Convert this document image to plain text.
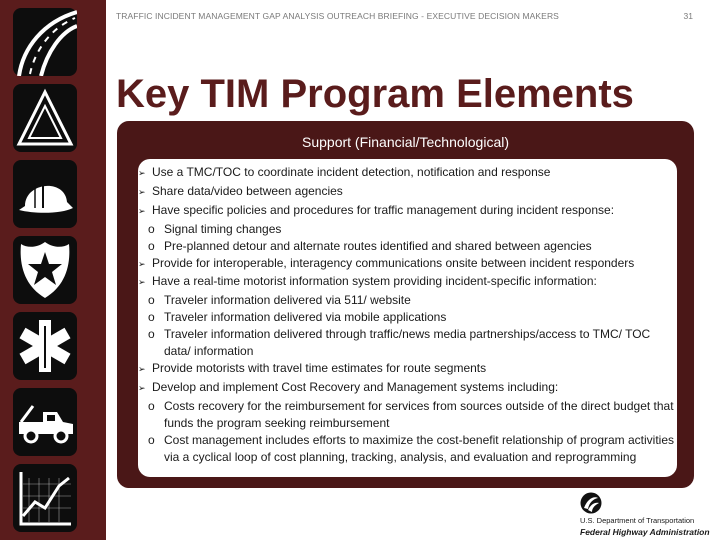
TRAFFIC INCIDENT MANAGEMENT GAP ANALYSIS OUTREACH BRIEFING - EXECUTIVE DECISION MAKERS	31
Key TIM Program Elements
Support (Financial/Technological)
➢ Use a TMC/TOC to coordinate incident detection, notification and response
➢ Share data/video between agencies
➢ Have specific policies and procedures for traffic management during incident response:
o Signal timing changes
o Pre-planned detour and alternate routes identified and shared between agencies
➢ Provide for interoperable, interagency communications onsite between incident responders
➢ Have a real-time motorist information system providing incident-specific information:
o Traveler information delivered via 511/ website
o Traveler information delivered via mobile applications
o Traveler information delivered through traffic/news media partnerships/access to TMC/ TOC data/ information
➢ Provide motorists with travel time estimates for route segments
➢ Develop and implement Cost Recovery and Management systems including:
o Costs recovery for the reimbursement for services from sources outside of the direct budget that funds the program seeking reimbursement
o Cost management includes efforts to maximize the cost-benefit relationship of program activities via a cyclical loop of cost planning, tracking, analysis, and evaluation and reprogramming
U.S. Department of Transportation
Federal Highway Administration
